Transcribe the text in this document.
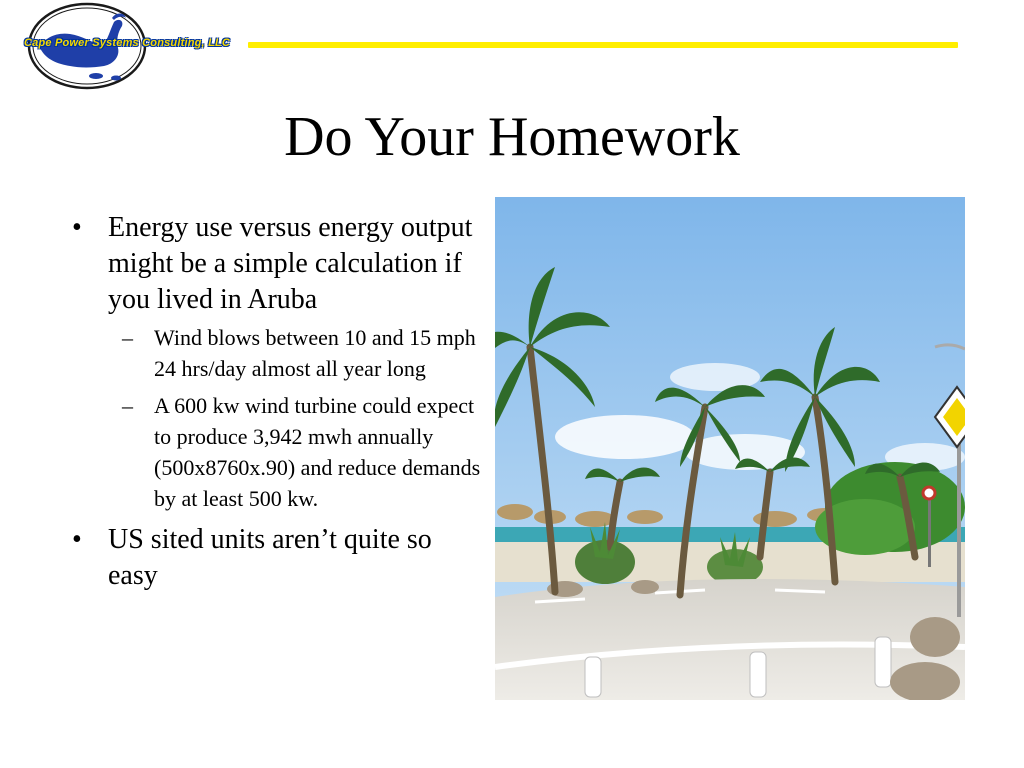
Cape Power Systems Consulting, LLC
Do Your Homework
• Energy use versus energy output might be a simple calculation if you lived in Aruba
– Wind blows between 10 and 15 mph 24 hrs/day almost all year long
– A 600 kw wind turbine could expect to produce 3,942 mwh annually (500x8760x.90) and reduce demands by at least 500 kw.
• US sited units aren’t quite so easy
